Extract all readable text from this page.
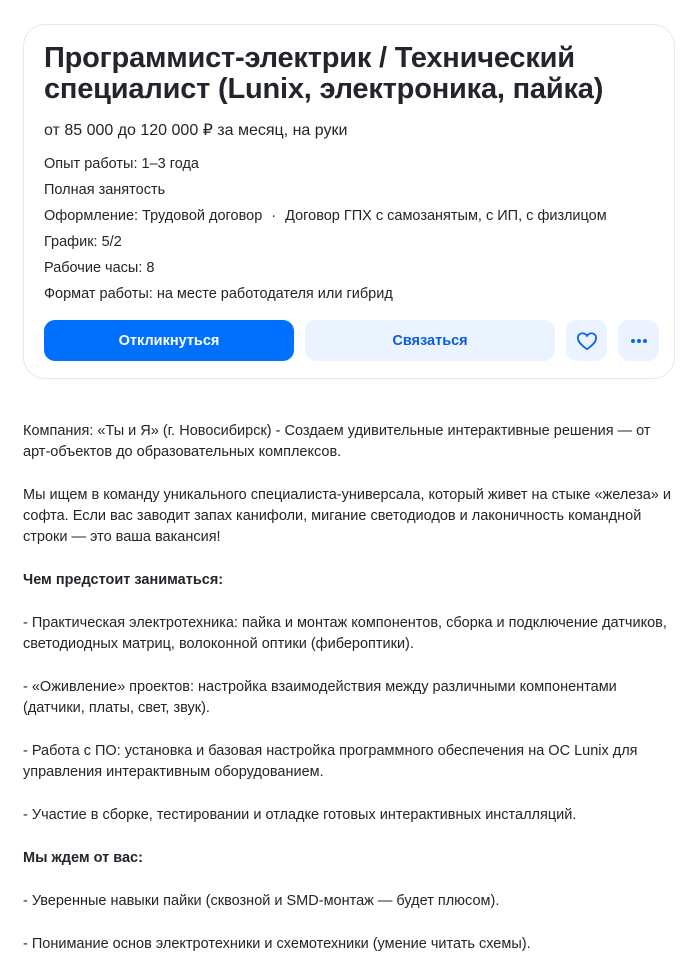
Программист-электрик / Технический специалист (Lunix, электроника, пайка)
от 85 000 до 120 000 ₽ за месяц, на руки
Опыт работы: 1–3 года
Полная занятость
Оформление: Трудовой договор · Договор ГПХ с самозанятым, с ИП, с физлицом
График: 5/2
Рабочие часы: 8
Формат работы: на месте работодателя или гибрид
Откликнуться	Связаться

Компания: «Ты и Я» (г. Новосибирск) - Создаем удивительные интерактивные решения — от арт-объектов до образовательных комплексов.

Мы ищем в команду уникального специалиста-универсала, который живет на стыке «железа» и софта. Если вас заводит запах канифоли, мигание светодиодов и лаконичность командной строки — это ваша вакансия!

Чем предстоит заниматься:

- Практическая электротехника: пайка и монтаж компонентов, сборка и подключение датчиков, светодиодных матриц, волоконной оптики (фибероптики).

- «Оживление» проектов: настройка взаимодействия между различными компонентами (датчики, платы, свет, звук).

- Работа с ПО: установка и базовая настройка программного обеспечения на ОС Lunix для управления интерактивным оборудованием.

- Участие в сборке, тестировании и отладке готовых интерактивных инсталляций.

Мы ждем от вас:

- Уверенные навыки пайки (сквозной и SMD-монтаж — будет плюсом).

- Понимание основ электротехники и схемотехники (умение читать схемы).
